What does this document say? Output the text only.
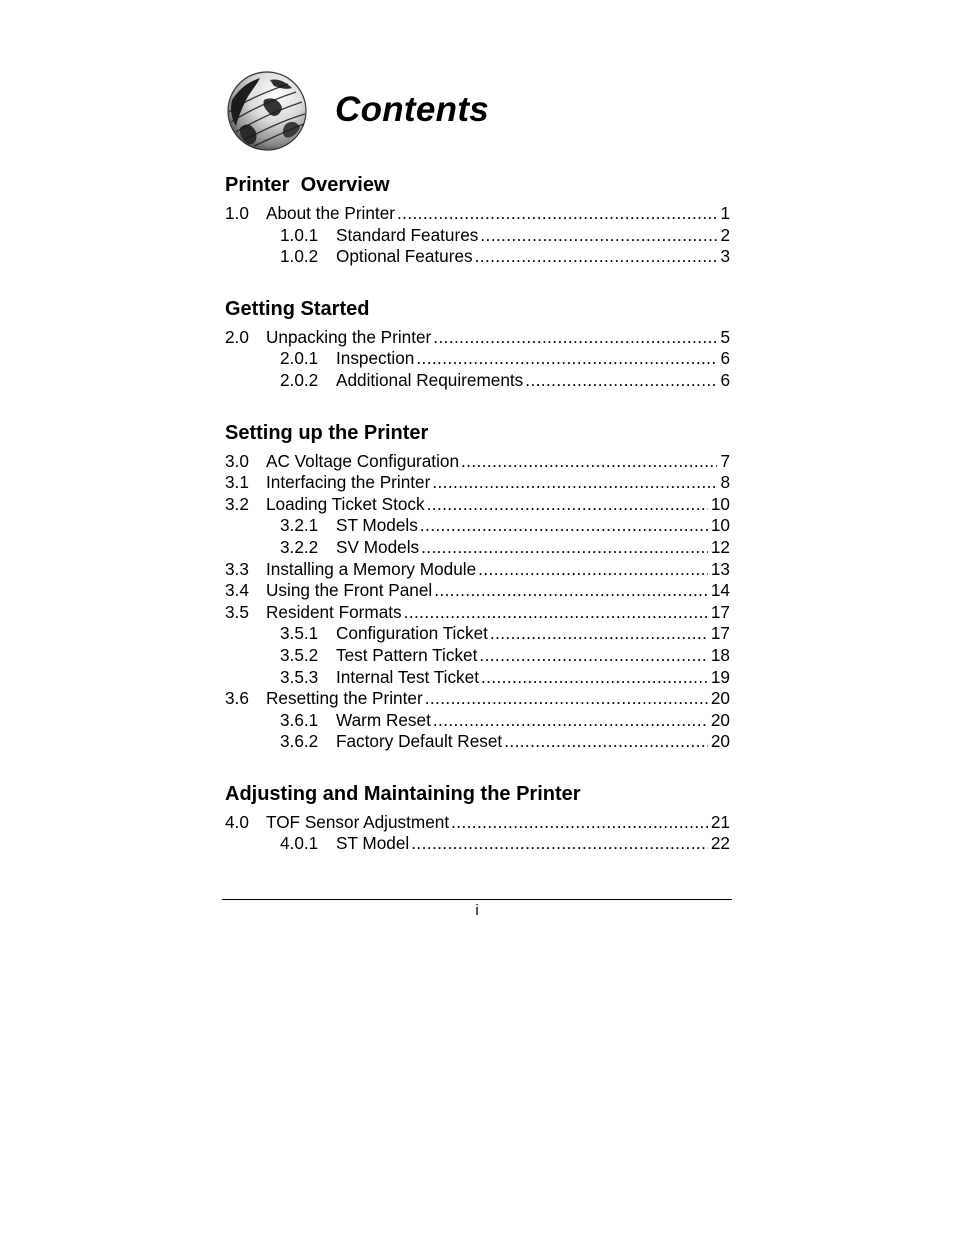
Contents
Printer  Overview
1.0 About the Printer .....	1
1.0.1	Standard Features .....	2
1.0.2	Optional Features .....	3
Getting Started
2.0 Unpacking the Printer .....	5
2.0.1	Inspection .....	6
2.0.2	Additional Requirements .....	6
Setting up the Printer
3.0 AC Voltage Configuration .....	7
3.1 Interfacing the Printer .....	8
3.2 Loading Ticket Stock .....	10
3.2.1	ST Models .....	10
3.2.2	SV Models .....	12
3.3 Installing a Memory Module .....	13
3.4 Using the Front Panel .....	14
3.5 Resident Formats .....	17
3.5.1	Configuration Ticket .....	17
3.5.2	Test Pattern Ticket .....	18
3.5.3	Internal Test Ticket .....	19
3.6 Resetting the Printer .....	20
3.6.1	Warm Reset .....	20
3.6.2	Factory Default Reset .....	20
Adjusting and Maintaining the Printer
4.0 TOF Sensor Adjustment .....	21
4.0.1	ST Model .....	22
i
